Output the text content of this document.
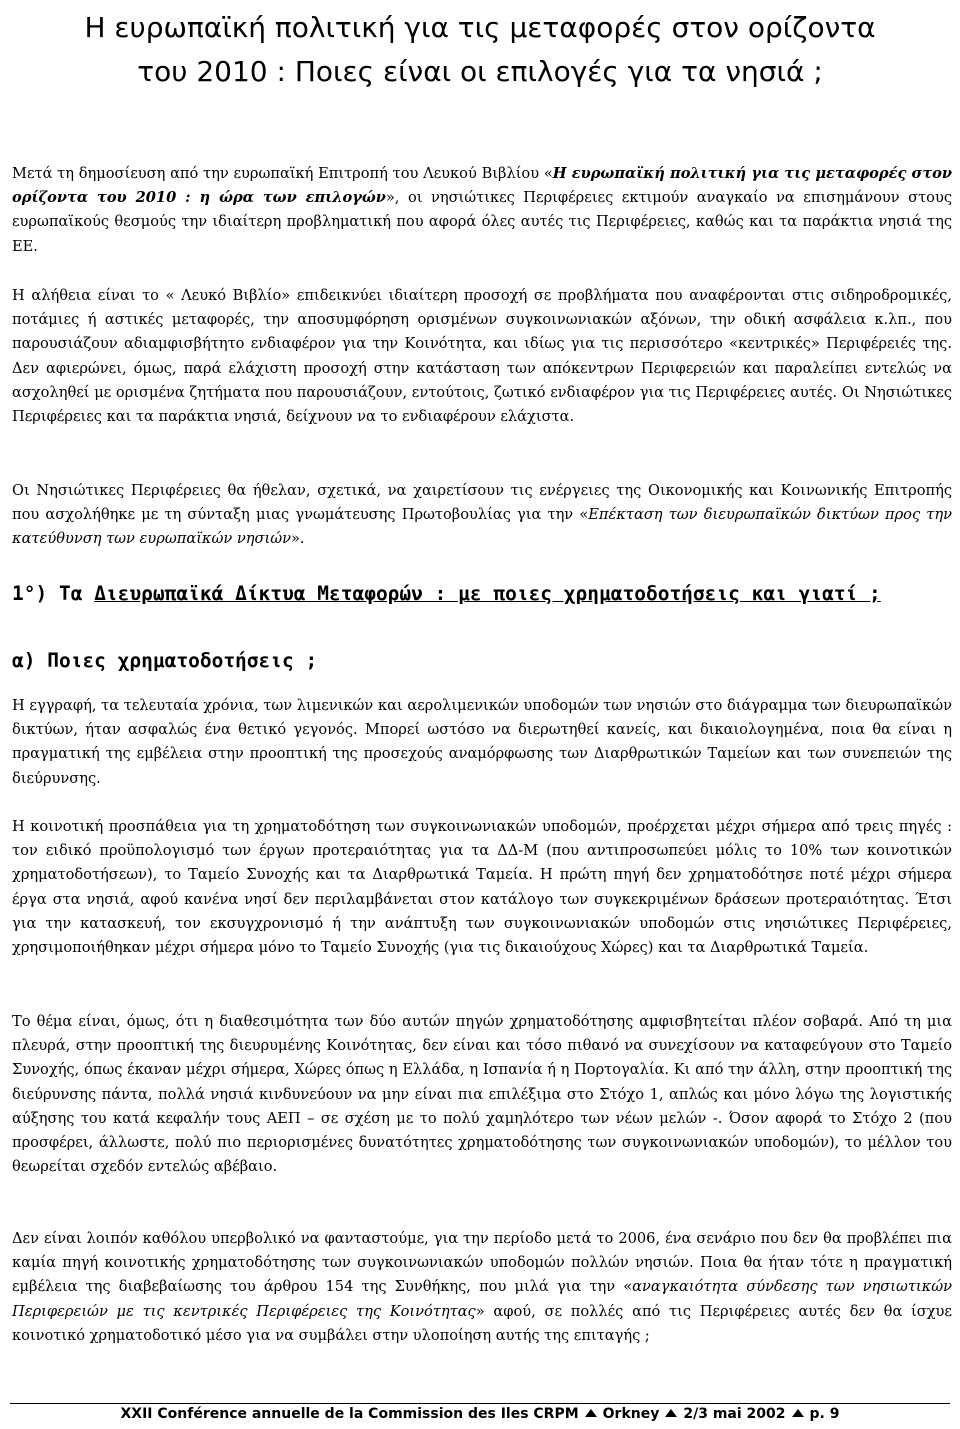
Η ευρωπαϊκή πολιτική για τις μεταφορές στον ορίζοντα
του 2010 : Ποιες είναι οι επιλογές για τα νησιά ;

Μετά τη δημοσίευση από την ευρωπαϊκή Επιτροπή του Λευκού Βιβλίου «Η ευρωπαϊκή πολιτική για τις μεταφορές στον ορίζοντα του 2010 : η ώρα των επιλογών», οι νησιώτικες Περιφέρειες εκτιμούν αναγκαίο να επισημάνουν στους ευρωπαϊκούς θεσμούς την ιδιαίτερη προβληματική που αφορά όλες αυτές τις Περιφέρειες, καθώς και τα παράκτια νησιά της ΕΕ.

Η αλήθεια είναι το « Λευκό Βιβλίο» επιδεικνύει ιδιαίτερη προσοχή σε προβλήματα που αναφέρονται στις σιδηροδρομικές, ποτάμιες ή αστικές μεταφορές, την αποσυμφόρηση ορισμένων συγκοινωνιακών αξόνων, την οδική ασφάλεια κ.λπ., που παρουσιάζουν αδιαμφισβήτητο ενδιαφέρον για την Κοινότητα, και ιδίως για τις περισσότερο «κεντρικές» Περιφέρειές της. Δεν αφιερώνει, όμως, παρά ελάχιστη προσοχή στην κατάσταση των απόκεντρων Περιφερειών και παραλείπει εντελώς να ασχοληθεί με ορισμένα ζητήματα που παρουσιάζουν, εντούτοις, ζωτικό ενδιαφέρον για τις Περιφέρειες αυτές. Οι Νησιώτικες Περιφέρειες και τα παράκτια νησιά, δείχνουν να το ενδιαφέρουν ελάχιστα.

Οι Νησιώτικες Περιφέρειες θα ήθελαν, σχετικά, να χαιρετίσουν τις ενέργειες της Οικονομικής και Κοινωνικής Επιτροπής που ασχολήθηκε με τη σύνταξη μιας γνωμάτευσης Πρωτοβουλίας για την «Επέκταση των διευρωπαϊκών δικτύων προς την κατεύθυνση των ευρωπαϊκών νησιών».

1°) Τα Διευρωπαϊκά Δίκτυα Μεταφορών : με ποιες χρηματοδοτήσεις και γιατί ;
α) Ποιες χρηματοδοτήσεις ;

Η εγγραφή, τα τελευταία χρόνια, των λιμενικών και αερολιμενικών υποδομών των νησιών στο διάγραμμα των διευρωπαϊκών δικτύων, ήταν ασφαλώς ένα θετικό γεγονός. Μπορεί ωστόσο να διερωτηθεί κανείς, και δικαιολογημένα, ποια θα είναι η πραγματική της εμβέλεια στην προοπτική της προσεχούς αναμόρφωσης των Διαρθρωτικών Ταμείων και των συνεπειών της διεύρυνσης.

Η κοινοτική προσπάθεια για τη χρηματοδότηση των συγκοινωνιακών υποδομών, προέρχεται μέχρι σήμερα από τρεις πηγές : τον ειδικό προϋπολογισμό των έργων προτεραιότητας για τα ΔΔ-Μ (που αντιπροσωπεύει μόλις το 10% των κοινοτικών χρηματοδοτήσεων), το Ταμείο Συνοχής και τα Διαρθρωτικά Ταμεία. Η πρώτη πηγή δεν χρηματοδότησε ποτέ μέχρι σήμερα έργα στα νησιά, αφού κανένα νησί δεν περιλαμβάνεται στον κατάλογο των συγκεκριμένων δράσεων προτεραιότητας. Έτσι για την κατασκευή, τον εκσυγχρονισμό ή την ανάπτυξη των συγκοινωνιακών υποδομών στις νησιώτικες Περιφέρειες, χρησιμοποιήθηκαν μέχρι σήμερα μόνο το Ταμείο Συνοχής (για τις δικαιούχους Χώρες) και τα Διαρθρωτικά Ταμεία.

Το θέμα είναι, όμως, ότι η διαθεσιμότητα των δύο αυτών πηγών χρηματοδότησης αμφισβητείται πλέον σοβαρά. Από τη μια πλευρά, στην προοπτική της διευρυμένης Κοινότητας, δεν είναι και τόσο πιθανό να συνεχίσουν να καταφεύγουν στο Ταμείο Συνοχής, όπως έκαναν μέχρι σήμερα, Χώρες όπως η Ελλάδα, η Ισπανία ή η Πορτογαλία. Κι από την άλλη, στην προοπτική της διεύρυνσης πάντα, πολλά νησιά κινδυνεύουν να μην είναι πια επιλέξιμα στο Στόχο 1, απλώς και μόνο λόγω της λογιστικής αύξησης του κατά κεφαλήν τους ΑΕΠ – σε σχέση με το πολύ χαμηλότερο των νέων μελών -. Όσον αφορά το Στόχο 2 (που προσφέρει, άλλωστε, πολύ πιο περιορισμένες δυνατότητες χρηματοδότησης των συγκοινωνιακών υποδομών), το μέλλον του θεωρείται σχεδόν εντελώς αβέβαιο.

Δεν είναι λοιπόν καθόλου υπερβολικό να φανταστούμε, για την περίοδο μετά το 2006, ένα σενάριο που δεν θα προβλέπει πια καμία πηγή κοινοτικής χρηματοδότησης των συγκοινωνιακών υποδομών πολλών νησιών. Ποια θα ήταν τότε η πραγματική εμβέλεια της διαβεβαίωσης του άρθρου 154 της Συνθήκης, που μιλά για την «αναγκαιότητα σύνδεσης των νησιωτικών Περιφερειών με τις κεντρικές Περιφέρειες της Κοινότητας» αφού, σε πολλές από τις Περιφέρειες αυτές δεν θα ίσχυε κοινοτικό χρηματοδοτικό μέσο για να συμβάλει στην υλοποίηση αυτής της επιταγής ;

XXII Conférence annuelle de la Commission des Iles CRPM Orkney 2/3 mai 2002 p. 9
